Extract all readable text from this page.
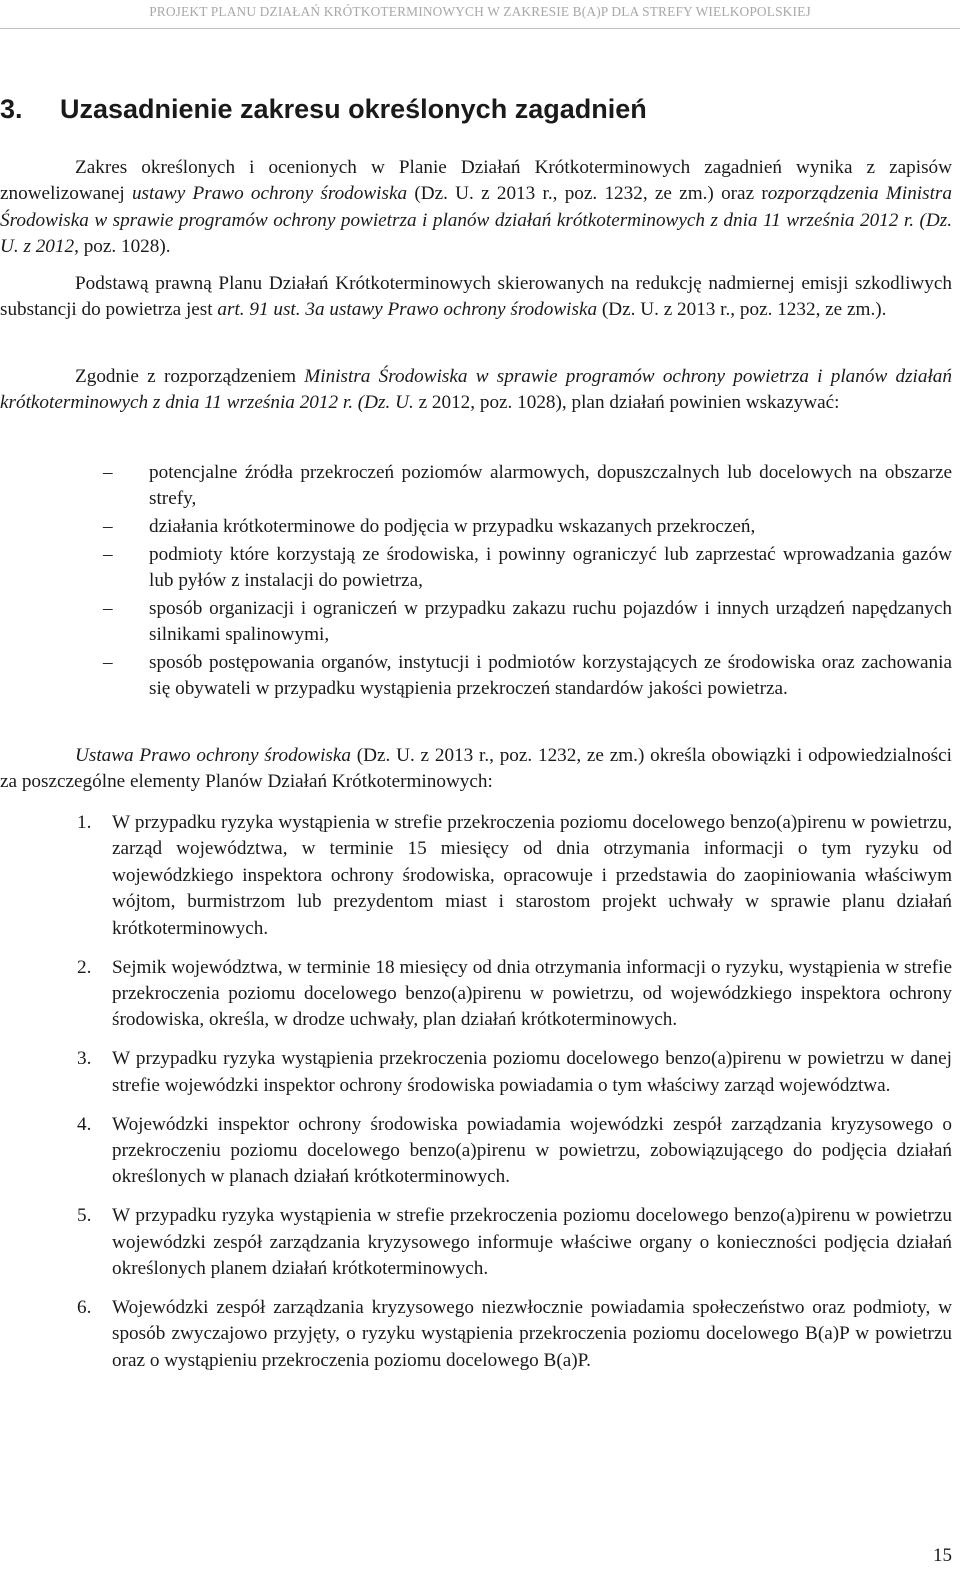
PROJEKT PLANU DZIAŁAŃ KRÓTKOTERMINOWYCH W ZAKRESIE B(A)P DLA STREFY WIELKOPOLSKIEJ
3. Uzasadnienie zakresu określonych zagadnień

Zakres określonych i ocenionych w Planie Działań Krótkoterminowych zagadnień wynika z zapisów znowelizowanej ustawy Prawo ochrony środowiska (Dz. U. z 2013 r., poz. 1232, ze zm.) oraz rozporządzenia Ministra Środowiska w sprawie programów ochrony powietrza i planów działań krótkoterminowych z dnia 11 września 2012 r. (Dz. U. z 2012, poz. 1028).

Podstawą prawną Planu Działań Krótkoterminowych skierowanych na redukcję nadmiernej emisji szkodliwych substancji do powietrza jest art. 91 ust. 3a ustawy Prawo ochrony środowiska (Dz. U. z 2013 r., poz. 1232, ze zm.).

Zgodnie z rozporządzeniem Ministra Środowiska w sprawie programów ochrony powietrza i planów działań krótkoterminowych z dnia 11 września 2012 r. (Dz. U. z 2012, poz. 1028), plan działań powinien wskazywać:

– potencjalne źródła przekroczeń poziomów alarmowych, dopuszczalnych lub docelowych na obszarze strefy,
– działania krótkoterminowe do podjęcia w przypadku wskazanych przekroczeń,
– podmioty które korzystają ze środowiska, i powinny ograniczyć lub zaprzestać wprowadzania gazów lub pyłów z instalacji do powietrza,
– sposób organizacji i ograniczeń w przypadku zakazu ruchu pojazdów i innych urządzeń napędzanych silnikami spalinowymi,
– sposób postępowania organów, instytucji i podmiotów korzystających ze środowiska oraz zachowania się obywateli w przypadku wystąpienia przekroczeń standardów jakości powietrza.

Ustawa Prawo ochrony środowiska (Dz. U. z 2013 r., poz. 1232, ze zm.) określa obowiązki i odpowiedzialności za poszczególne elementy Planów Działań Krótkoterminowych:

1. W przypadku ryzyka wystąpienia w strefie przekroczenia poziomu docelowego benzo(a)pirenu w powietrzu, zarząd województwa, w terminie 15 miesięcy od dnia otrzymania informacji o tym ryzyku od wojewódzkiego inspektora ochrony środowiska, opracowuje i przedstawia do zaopiniowania właściwym wójtom, burmistrzom lub prezydentom miast i starostom projekt uchwały w sprawie planu działań krótkoterminowych.
2. Sejmik województwa, w terminie 18 miesięcy od dnia otrzymania informacji o ryzyku, wystąpienia w strefie przekroczenia poziomu docelowego benzo(a)pirenu w powietrzu, od wojewódzkiego inspektora ochrony środowiska, określa, w drodze uchwały, plan działań krótkoterminowych.
3. W przypadku ryzyka wystąpienia przekroczenia poziomu docelowego benzo(a)pirenu w powietrzu w danej strefie wojewódzki inspektor ochrony środowiska powiadamia o tym właściwy zarząd województwa.
4. Wojewódzki inspektor ochrony środowiska powiadamia wojewódzki zespół zarządzania kryzysowego o przekroczeniu poziomu docelowego benzo(a)pirenu w powietrzu, zobowiązującego do podjęcia działań określonych w planach działań krótkoterminowych.
5. W przypadku ryzyka wystąpienia w strefie przekroczenia poziomu docelowego benzo(a)pirenu w powietrzu wojewódzki zespół zarządzania kryzysowego informuje właściwe organy o konieczności podjęcia działań określonych planem działań krótkoterminowych.
6. Wojewódzki zespół zarządzania kryzysowego niezwłocznie powiadamia społeczeństwo oraz podmioty, w sposób zwyczajowo przyjęty, o ryzyku wystąpienia przekroczenia poziomu docelowego B(a)P w powietrzu oraz o wystąpieniu przekroczenia poziomu docelowego B(a)P.
15
